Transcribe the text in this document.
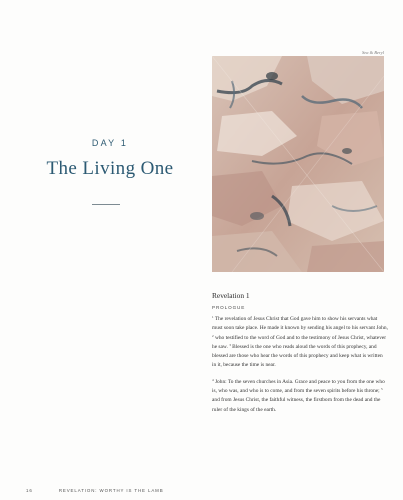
DAY 1
The Living One
Sea & Beryl
Revelation 1
PROLOGUE
$^1$ The revelation of Jesus Christ that God gave him to show his servants what must soon take place. He made it known by sending his angel to his servant John, $^2$ who testified to the word of God and to the testimony of Jesus Christ, whatever he saw. $^3$ Blessed is the one who reads aloud the words of this prophecy, and blessed are those who hear the words of this prophecy and keep what is written in it, because the time is near.
$^4$ John: To the seven churches in Asia. Grace and peace to you from the one who is, who was, and who is to come, and from the seven spirits before his throne; $^5$ and from Jesus Christ, the faithful witness, the firstborn from the dead and the ruler of the kings of the earth.
16	REVELATION: WORTHY IS THE LAMB
